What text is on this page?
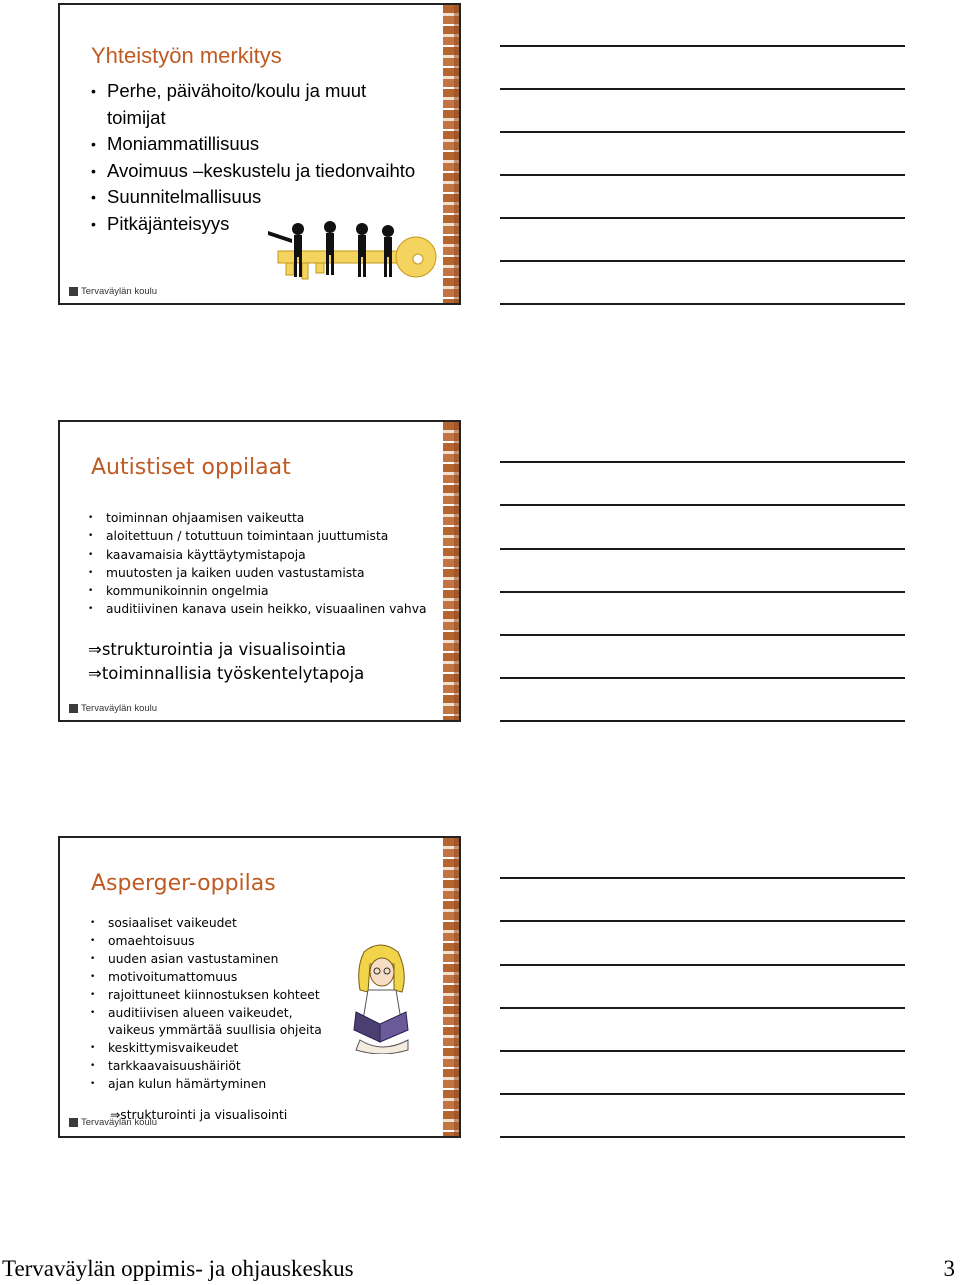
Yhteistyön merkitys
• Perhe, päivähoito/koulu ja muut toimijat
• Moniammatillisuus
• Avoimuus –keskustelu ja tiedonvaihto
• Suunnitelmallisuus
• Pitkäjänteisyys
Tervaväylän koulu
Autistiset oppilaat
• toiminnan ohjaamisen vaikeutta
• aloitettuun / totuttuun toimintaan juuttumista
• kaavamaisia käyttäytymistapoja
• muutosten ja kaiken uuden vastustamista
• kommunikoinnin ongelmia
• auditiivinen kanava usein heikko, visuaalinen vahva
⇒strukturointia ja visualisointia
⇒toiminnallisia työskentelytapoja
Tervaväylän koulu
Asperger-oppilas
• sosiaaliset vaikeudet
• omaehtoisuus
• uuden asian vastustaminen
• motivoitumattomuus
• rajoittuneet kiinnostuksen kohteet
• auditiivisen alueen vaikeudet,
vaikeus ymmärtää suullisia ohjeita
• keskittymisvaikeudet
• tarkkaavaisuushäiriöt
• ajan kulun hämärtyminen
⇒strukturointi ja visualisointi
Tervaväylän koulu
Tervaväylän oppimis- ja ohjauskeskus	3
